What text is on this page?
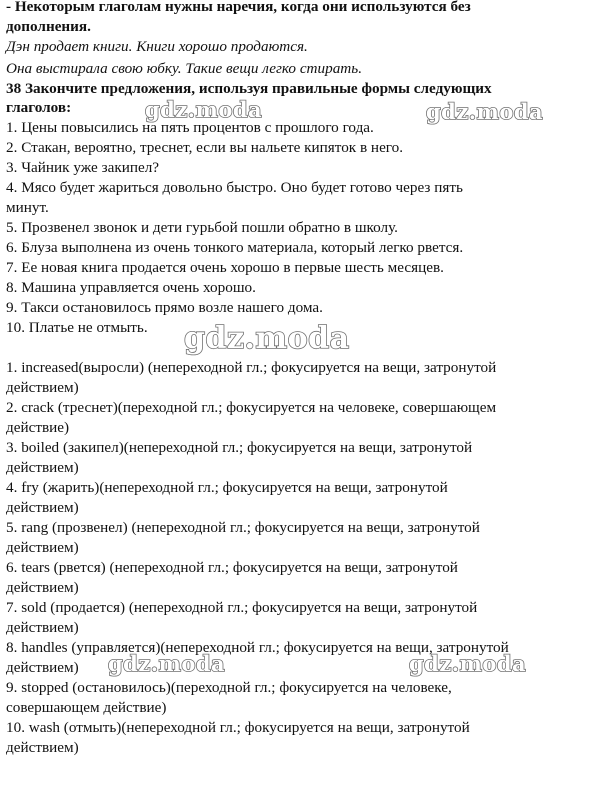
- Некоторым глаголам нужны наречия, когда они используются без
дополнения.
Дэн продает книги. Книги хорошо продаются.
Она выстирала свою юбку. Такие вещи легко стирать.
38 Закончите предложения, используя правильные формы следующих
глаголов:
1. Цены повысились на пять процентов с прошлого года.
2. Стакан, вероятно, треснет, если вы нальете кипяток в него.
3. Чайник уже закипел?
4. Мясо будет жариться довольно быстро. Оно будет готово через пять
минут.
5. Прозвенел звонок и дети гурьбой пошли обратно в школу.
6. Блуза выполнена из очень тонкого материала, который легко рвется.
7. Ее новая книга продается очень хорошо в первые шесть месяцев.
8. Машина управляется очень хорошо.
9. Такси остановилось прямо возле нашего дома.
10. Платье не отмыть.
1. increased(выросли) (непереходной гл.; фокусируется на вещи, затронутой
действием)
2. crack (треснет)(переходной гл.; фокусируется на человеке, совершающем
действие)
3. boiled (закипел)(непереходной гл.; фокусируется на вещи, затронутой
действием)
4. fry (жарить)(непереходной гл.; фокусируется на вещи, затронутой
действием)
5. rang (прозвенел) (непереходной гл.; фокусируется на вещи, затронутой
действием)
6. tears (рвется) (непереходной гл.; фокусируется на вещи, затронутой
действием)
7. sold (продается) (непереходной гл.; фокусируется на вещи, затронутой
действием)
8. handles (управляется)(непереходной гл.; фокусируется на вещи, затронутой
действием)
9. stopped (остановилось)(переходной гл.; фокусируется на человеке,
совершающем действие)
10. wash (отмыть)(непереходной гл.; фокусируется на вещи, затронутой
действием)
gdz.moda	gdz.moda
gdz.moda
gdz.moda	gdz.moda
